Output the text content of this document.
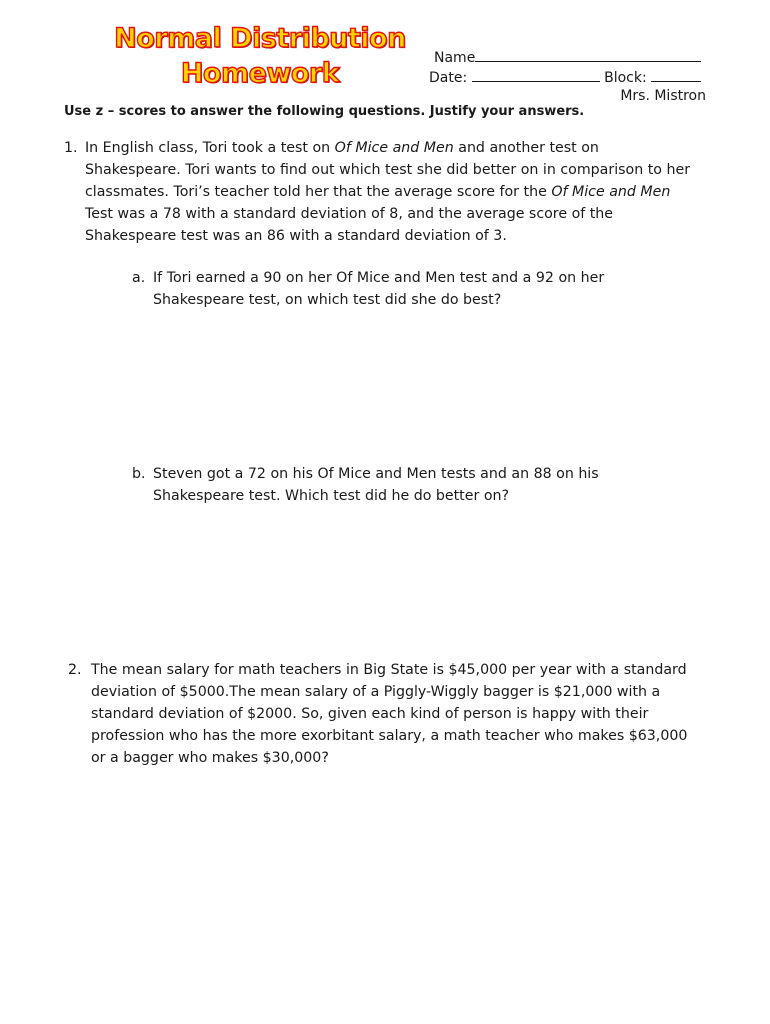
Normal Distribution
Homework	Name
Date:	Block:
Mrs. Mistron
Use z – scores to answer the following questions. Justify your answers.
1. In English class, Tori took a test on Of Mice and Men and another test on
Shakespeare. Tori wants to find out which test she did better on in comparison to her
classmates. Tori’s teacher told her that the average score for the Of Mice and Men
Test was a 78 with a standard deviation of 8, and the average score of the
Shakespeare test was an 86 with a standard deviation of 3.
a. If Tori earned a 90 on her Of Mice and Men test and a 92 on her
Shakespeare test, on which test did she do best?
b. Steven got a 72 on his Of Mice and Men tests and an 88 on his
Shakespeare test. Which test did he do better on?
2. The mean salary for math teachers in Big State is $45,000 per year with a standard
deviation of $5000.The mean salary of a Piggly-Wiggly bagger is $21,000 with a
standard deviation of $2000. So, given each kind of person is happy with their
profession who has the more exorbitant salary, a math teacher who makes $63,000
or a bagger who makes $30,000?
